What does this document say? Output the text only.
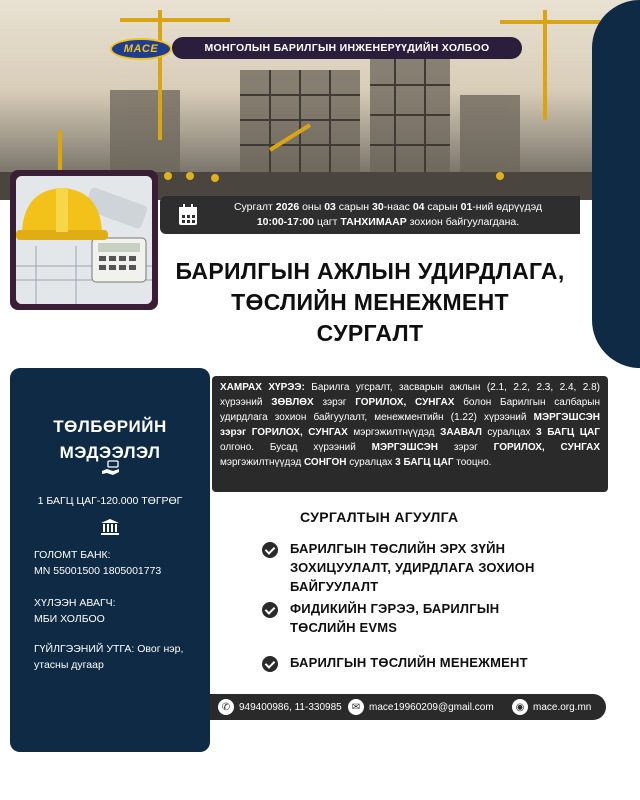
MACE	МОНГОЛЫН БАРИЛГЫН ИНЖЕНЕРҮҮДИЙН ХОЛБОО
Сургалт 2026 оны 03 сарын 30-наас 04 сарын 01-ний өдрүүдэд
10:00-17:00 цагт ТАНХИМААР зохион байгуулагдана.
БАРИЛГЫН АЖЛЫН УДИРДЛАГА,
ТӨСЛИЙН МЕНЕЖМЕНТ
СУРГАЛТ
ТӨЛБӨРИЙН
МЭДЭЭЛЭЛ
1 БАГЦ ЦАГ-120.000 ТӨГРӨГ
ГОЛОМТ БАНК:
MN 55001500 1805001773
ХҮЛЭЭН АВАГЧ:
МБИ ХОЛБОО
ГҮЙЛГЭЭНИЙ УТГА: Овог нэр,
утасны дугаар
ХАМРАХ ХҮРЭЭ: Барилга угсралт, засварын ажлын (2.1, 2.2, 2.3, 2.4, 2.8) хүрээний ЗӨВЛӨХ зэрэг ГОРИЛОХ, СУНГАХ болон Барилгын салбарын удирдлага зохион байгуулалт, менежментийн (1.22) хүрээний МЭРГЭШСЭН зэрэг ГОРИЛОХ, СУНГАХ мэргэжилтнүүдэд ЗААВАЛ суралцах 3 БАГЦ ЦАГ олгоно. Бусад хүрээний МЭРГЭШСЭН зэрэг ГОРИЛОХ, СУНГАХ мэргэжилтнүүдэд СОНГОН суралцах 3 БАГЦ ЦАГ тооцно.
СУРГАЛТЫН АГУУЛГА
БАРИЛГЫН ТӨСЛИЙН ЭРХ ЗҮЙН
ЗОХИЦУУЛАЛТ, УДИРДЛАГА ЗОХИОН
БАЙГУУЛАЛТ
ФИДИКИЙН ГЭРЭЭ, БАРИЛГЫН
ТӨСЛИЙН EVMS
БАРИЛГЫН ТӨСЛИЙН МЕНЕЖМЕНТ
✆ 949400986, 11-330985	✉ mace19960209@gmail.com	◉ mace.org.mn
